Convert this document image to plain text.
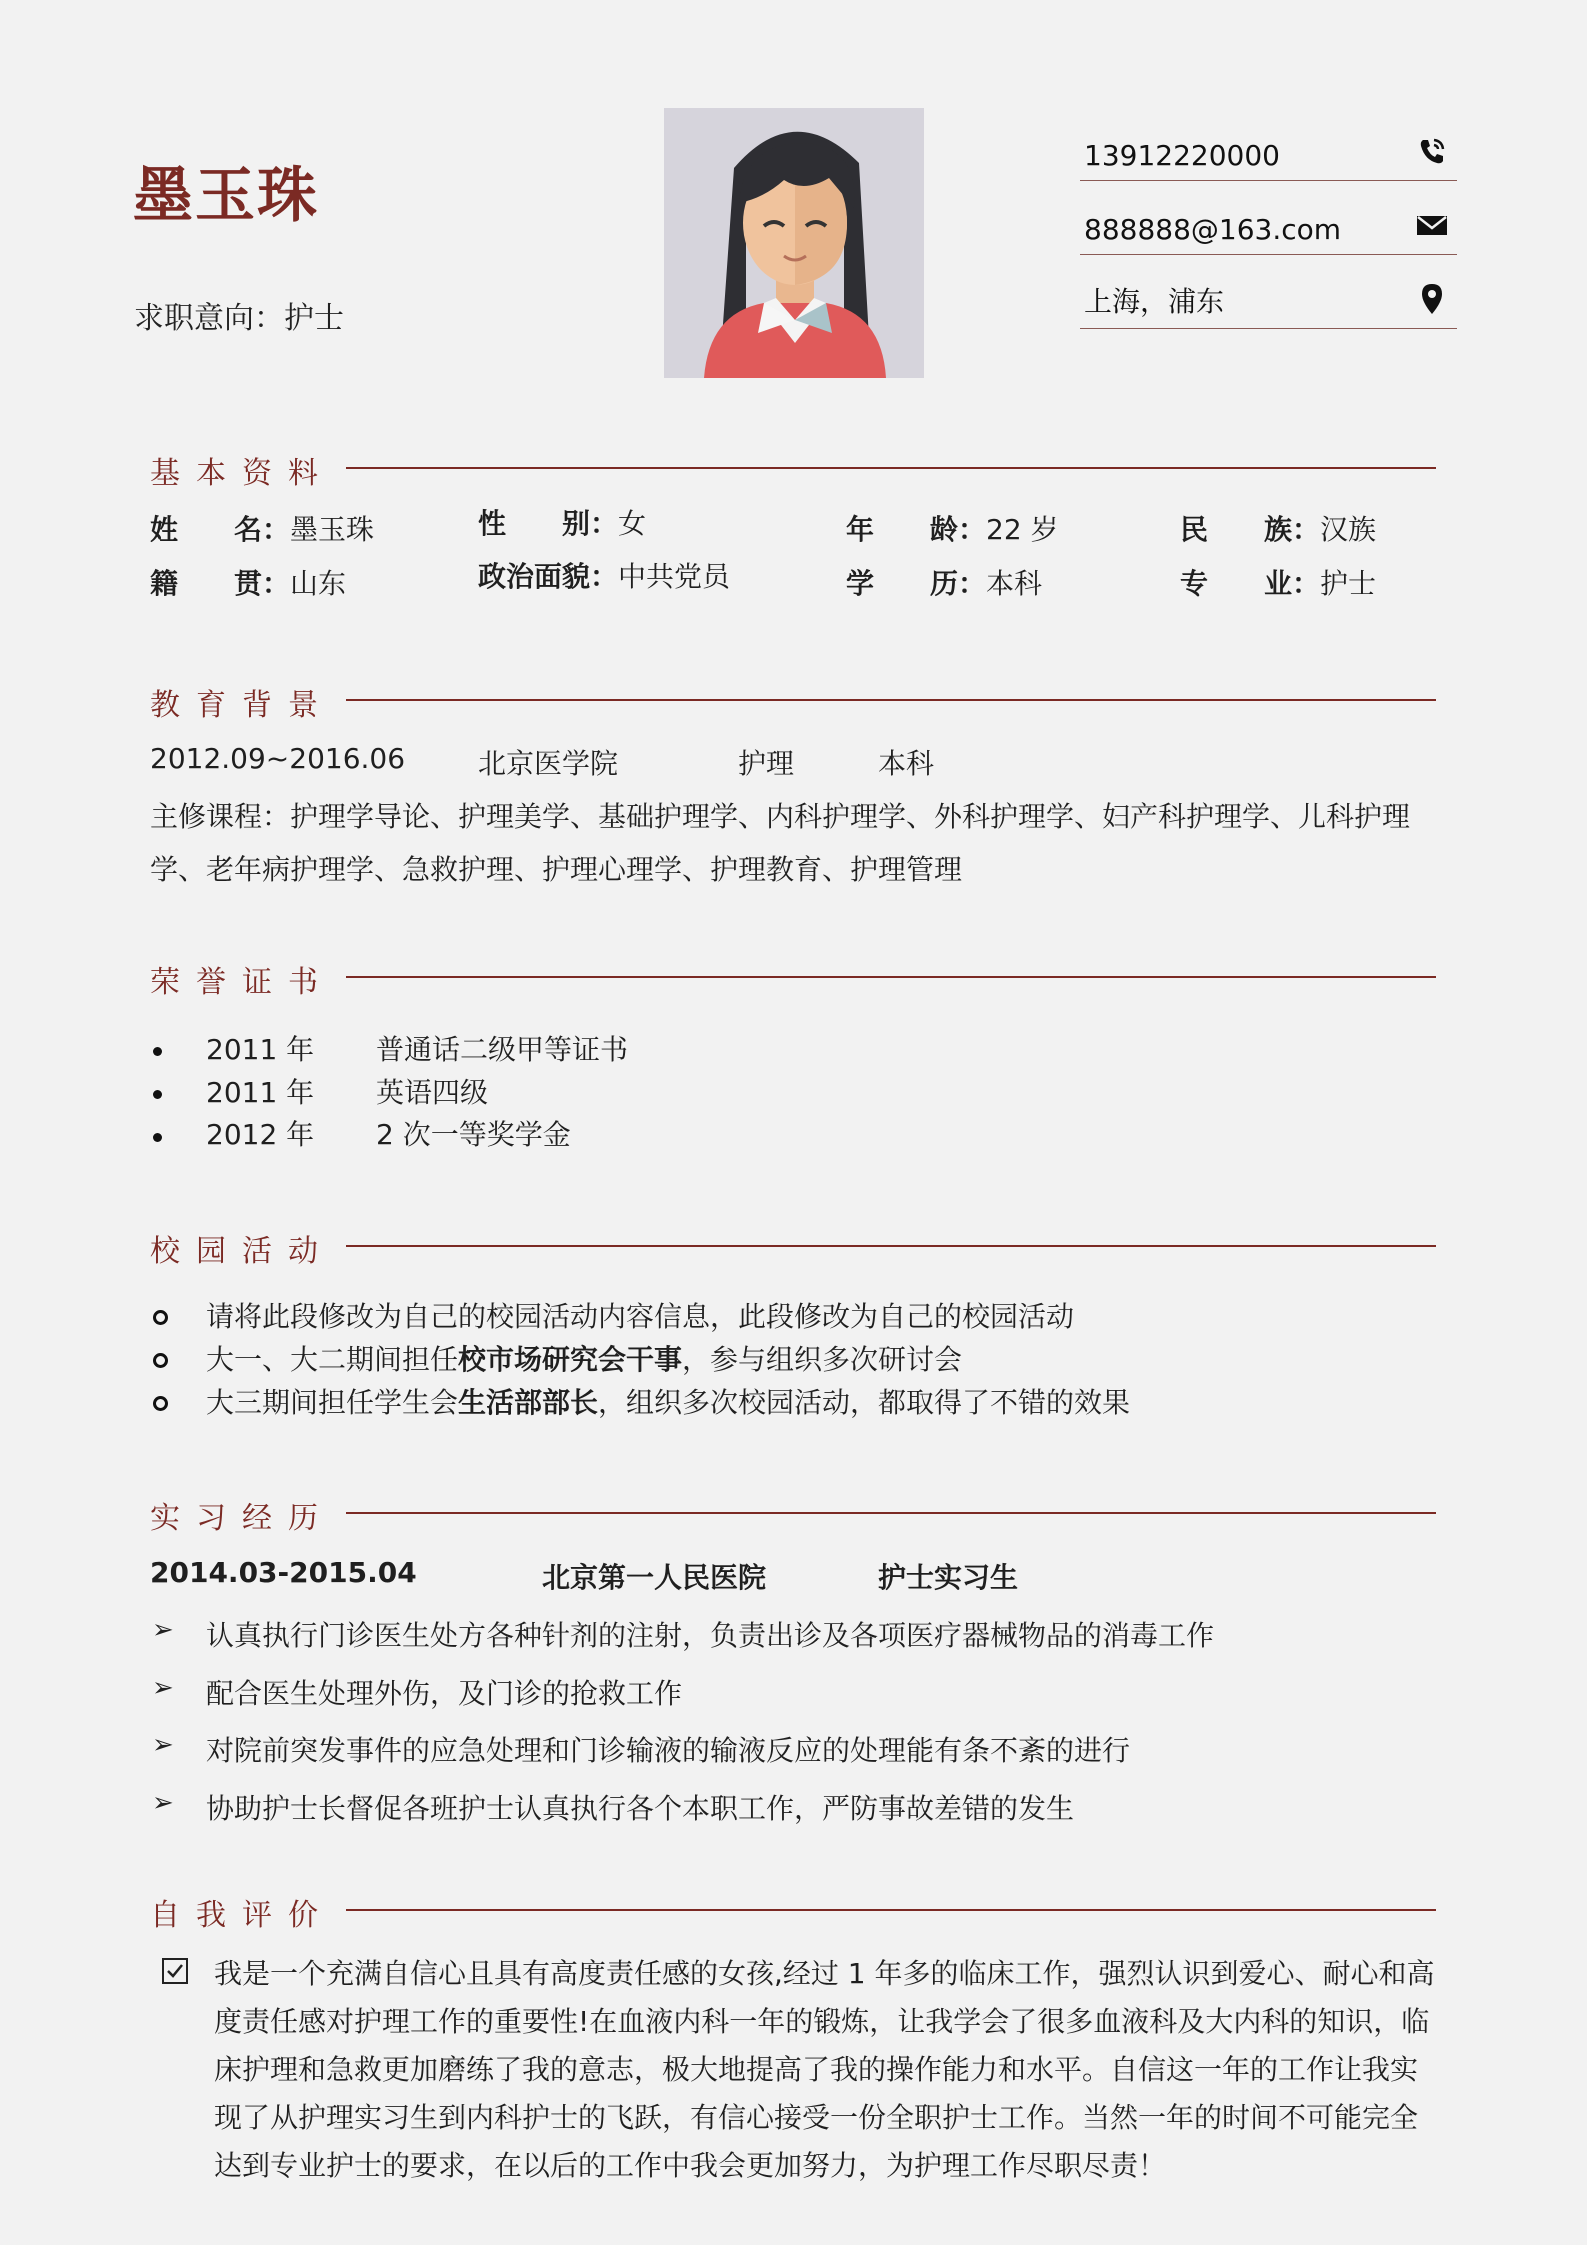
墨玉珠
求职意向：护士
13912220000
888888@163.com
上海，浦东
基本资料
姓　　名：墨玉珠	性　　别：女	年　　龄：22 岁	民　　族：汉族
籍　　贯：山东	政治面貌：中共党员	学　　历：本科	专　　业：护士
教育背景
2012.09~2016.06	北京医学院	护理	本科
主修课程：护理学导论、护理美学、基础护理学、内科护理学、外科护理学、妇产科护理学、儿科护理
学、老年病护理学、急救护理、护理心理学、护理教育、护理管理
荣誉证书
2011 年 普通话二级甲等证书
2011 年 英语四级
2012 年 2 次一等奖学金
校园活动
请将此段修改为自己的校园活动内容信息，此段修改为自己的校园活动
大一、大二期间担任校市场研究会干事，参与组织多次研讨会
大三期间担任学生会生活部部长，组织多次校园活动，都取得了不错的效果
实习经历
2014.03-2015.04	北京第一人民医院	护士实习生
➢ 认真执行门诊医生处方各种针剂的注射，负责出诊及各项医疗器械物品的消毒工作
➢ 配合医生处理外伤，及门诊的抢救工作
➢ 对院前突发事件的应急处理和门诊输液的输液反应的处理能有条不紊的进行
➢ 协助护士长督促各班护士认真执行各个本职工作，严防事故差错的发生
自我评价
我是一个充满自信心且具有高度责任感的女孩,经过 1 年多的临床工作，强烈认识到爱心、耐心和高度责任感对护理工作的重要性!在血液内科一年的锻炼，让我学会了很多血液科及大内科的知识，临床护理和急救更加磨练了我的意志，极大地提高了我的操作能力和水平。自信这一年的工作让我实现了从护理实习生到内科护士的飞跃，有信心接受一份全职护士工作。当然一年的时间不可能完全达到专业护士的要求，在以后的工作中我会更加努力，为护理工作尽职尽责！
